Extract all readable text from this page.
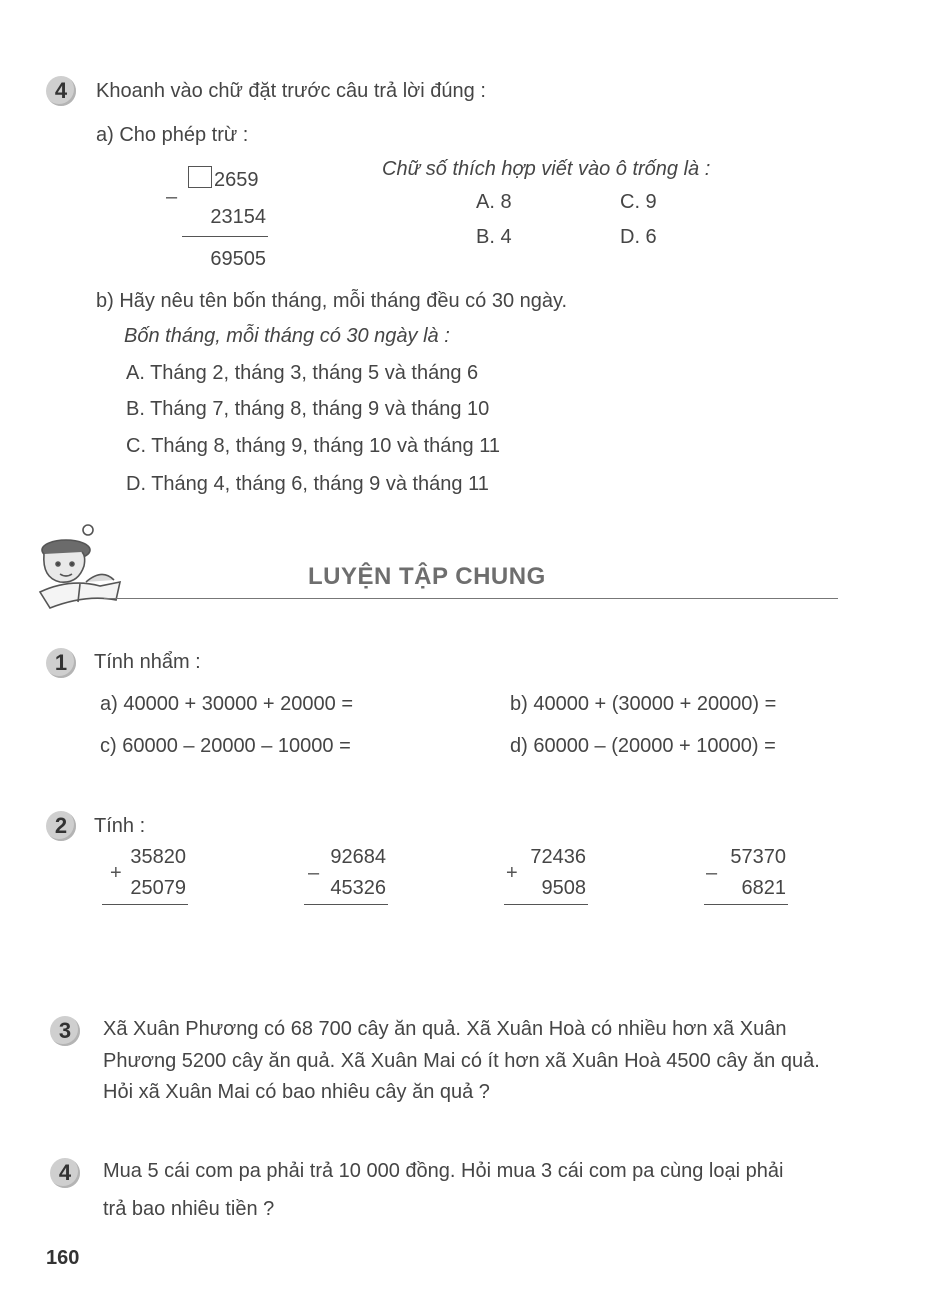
4	Khoanh vào chữ đặt trước câu trả lời đúng :
a) Cho phép trừ :
2659
–
23154
69505
Chữ số thích hợp viết vào ô trống là :
A. 8	C. 9
B. 4	D. 6
b) Hãy nêu tên bốn tháng, mỗi tháng đều có 30 ngày.
Bốn tháng, mỗi tháng có 30 ngày là :
A. Tháng 2, tháng 3, tháng 5 và tháng 6
B. Tháng 7, tháng 8, tháng 9 và tháng 10
C. Tháng 8, tháng 9, tháng 10 và tháng 11
D. Tháng 4, tháng 6, tháng 9 và tháng 11
LUYỆN TẬP CHUNG
1	Tính nhẩm :
a) 40000 + 30000 + 20000 =	b) 40000 + (30000 + 20000) =
c) 60000 – 20000 – 10000 =	d) 60000 – (20000 + 10000) =
2	Tính :
35820
+
25079
92684
–
45326
72436
+
9508
57370
–
6821
3	Xã Xuân Phương có 68 700 cây ăn quả. Xã Xuân Hoà có nhiều hơn xã Xuân
Phương 5200 cây ăn quả. Xã Xuân Mai có ít hơn xã Xuân Hoà 4500 cây ăn quả.
Hỏi xã Xuân Mai có bao nhiêu cây ăn quả ?
4	Mua 5 cái com pa phải trả 10 000 đồng. Hỏi mua 3 cái com pa cùng loại phải
trả bao nhiêu tiền ?
160
